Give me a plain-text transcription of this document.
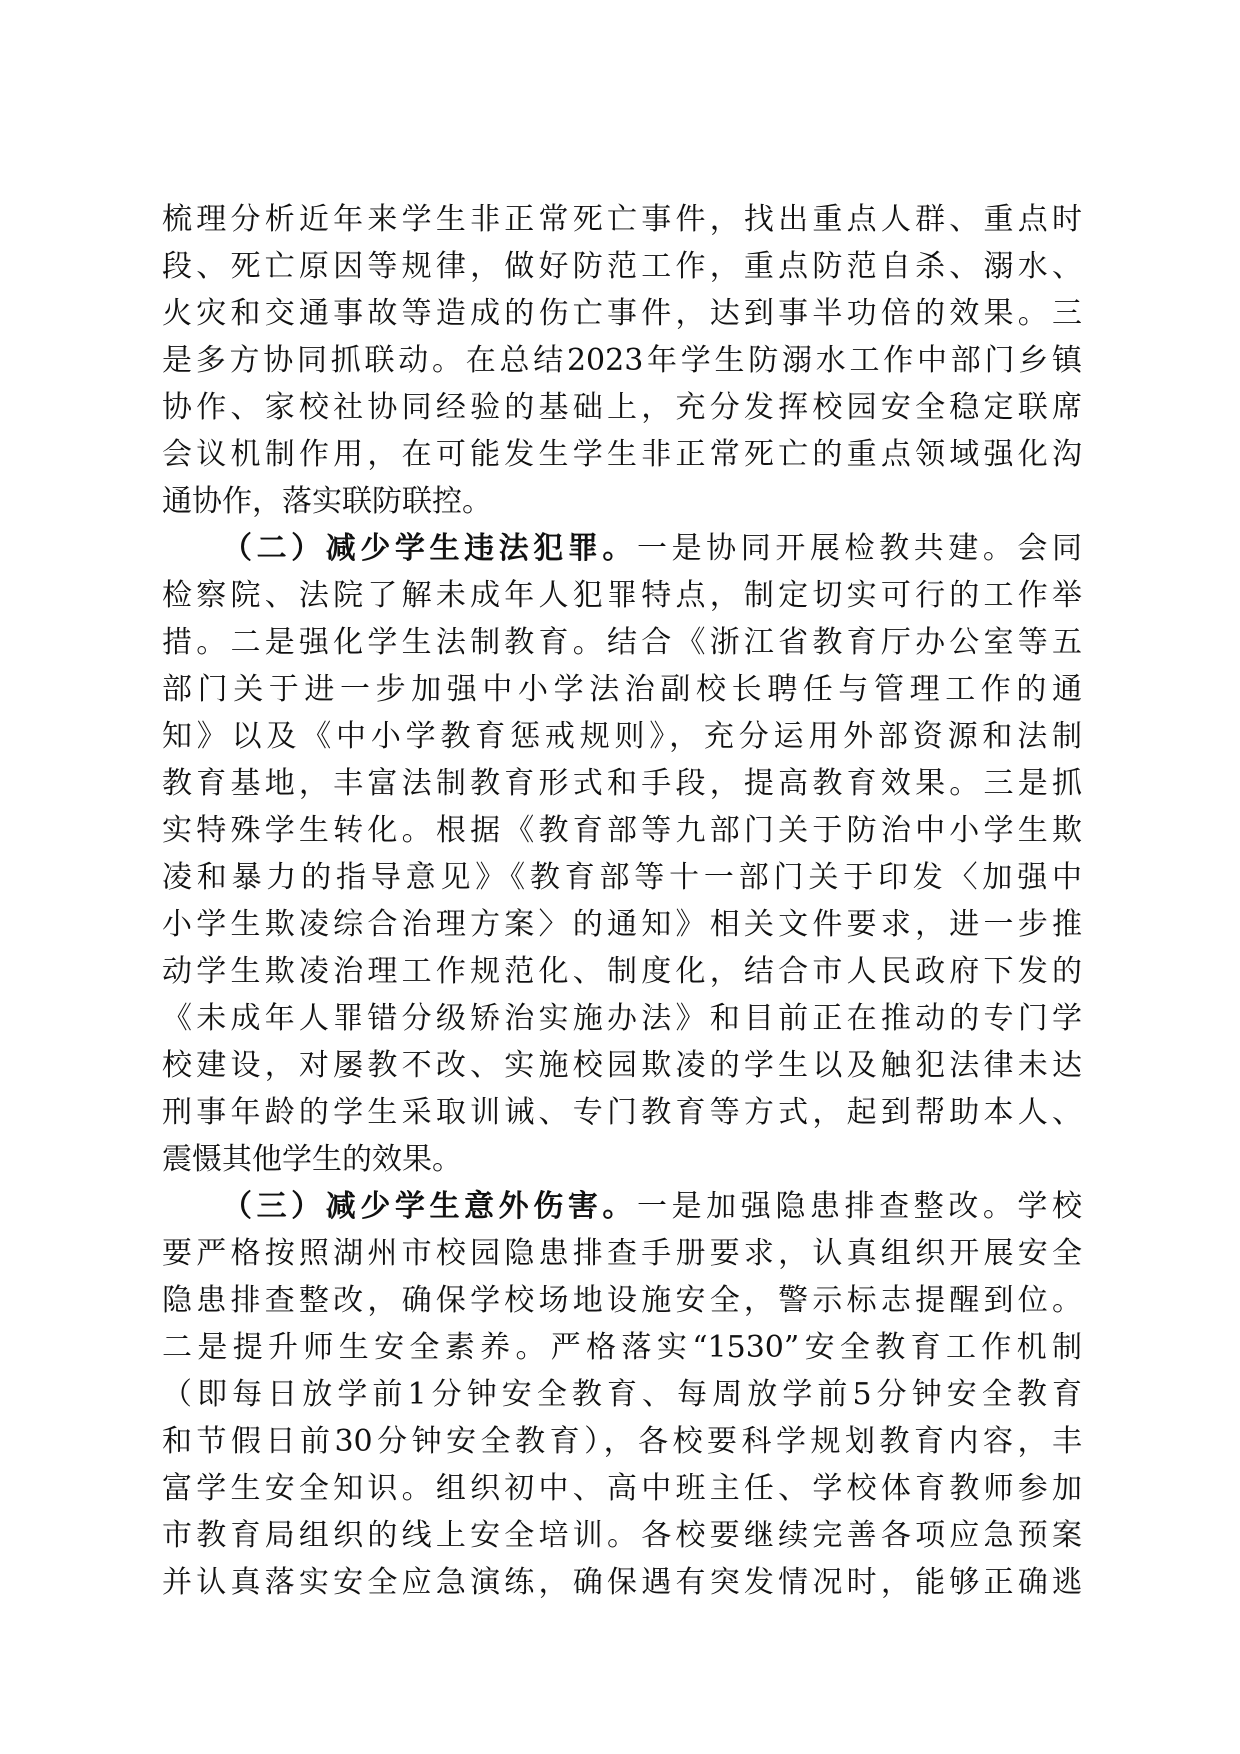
梳理分析近年来学生非正常死亡事件，找出重点人群、重点时
段、死亡原因等规律，做好防范工作，重点防范自杀、溺水、
火灾和交通事故等造成的伤亡事件，达到事半功倍的效果。三
是多方协同抓联动。在总结2023年学生防溺水工作中部门乡镇
协作、家校社协同经验的基础上，充分发挥校园安全稳定联席
会议机制作用，在可能发生学生非正常死亡的重点领域强化沟
通协作，落实联防联控。
（二）减少学生违法犯罪。一是协同开展检教共建。会同
检察院、法院了解未成年人犯罪特点，制定切实可行的工作举
措。二是强化学生法制教育。结合《浙江省教育厅办公室等五
部门关于进一步加强中小学法治副校长聘任与管理工作的通
知》以及《中小学教育惩戒规则》，充分运用外部资源和法制
教育基地，丰富法制教育形式和手段，提高教育效果。三是抓
实特殊学生转化。根据《教育部等九部门关于防治中小学生欺
凌和暴力的指导意见》《教育部等十一部门关于印发〈加强中
小学生欺凌综合治理方案〉的通知》相关文件要求，进一步推
动学生欺凌治理工作规范化、制度化，结合市人民政府下发的
《未成年人罪错分级矫治实施办法》和目前正在推动的专门学
校建设，对屡教不改、实施校园欺凌的学生以及触犯法律未达
刑事年龄的学生采取训诫、专门教育等方式，起到帮助本人、
震慑其他学生的效果。
（三）减少学生意外伤害。一是加强隐患排查整改。学校
要严格按照湖州市校园隐患排查手册要求，认真组织开展安全
隐患排查整改，确保学校场地设施安全，警示标志提醒到位。
二是提升师生安全素养。严格落实“1530”安全教育工作机制
（即每日放学前1分钟安全教育、每周放学前5分钟安全教育
和节假日前30分钟安全教育），各校要科学规划教育内容，丰
富学生安全知识。组织初中、高中班主任、学校体育教师参加
市教育局组织的线上安全培训。各校要继续完善各项应急预案
并认真落实安全应急演练，确保遇有突发情况时，能够正确逃
